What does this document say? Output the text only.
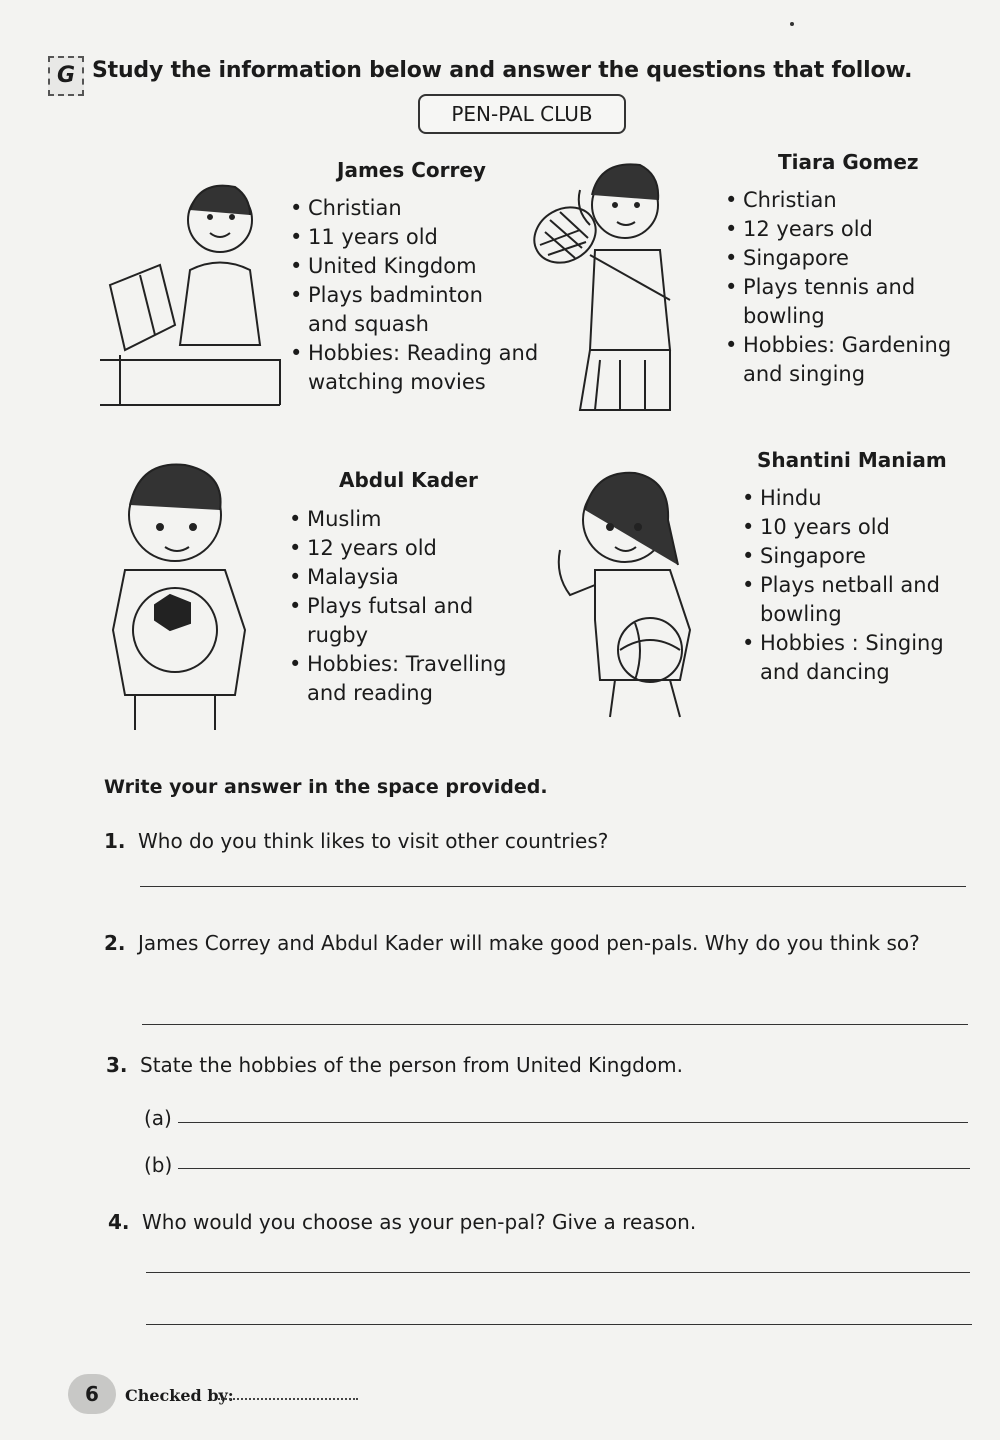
G Study the information below and answer the questions that follow.
PEN-PAL CLUB
James Correy
• Christian
• 11 years old
• United Kingdom
• Plays badminton and squash
• Hobbies: Reading and watching movies
Tiara Gomez
• Christian
• 12 years old
• Singapore
• Plays tennis and bowling
• Hobbies: Gardening and singing
Abdul Kader
• Muslim
• 12 years old
• Malaysia
• Plays futsal and rugby
• Hobbies: Travelling and reading
Shantini Maniam
• Hindu
• 10 years old
• Singapore
• Plays netball and bowling
• Hobbies : Singing and dancing
Write your answer in the space provided.
1. Who do you think likes to visit other countries?
2. James Correy and Abdul Kader will make good pen-pals. Why do you think so?
3. State the hobbies of the person from United Kingdom.
(a)
(b)
4. Who would you choose as your pen-pal? Give a reason.
6	Checked by:
